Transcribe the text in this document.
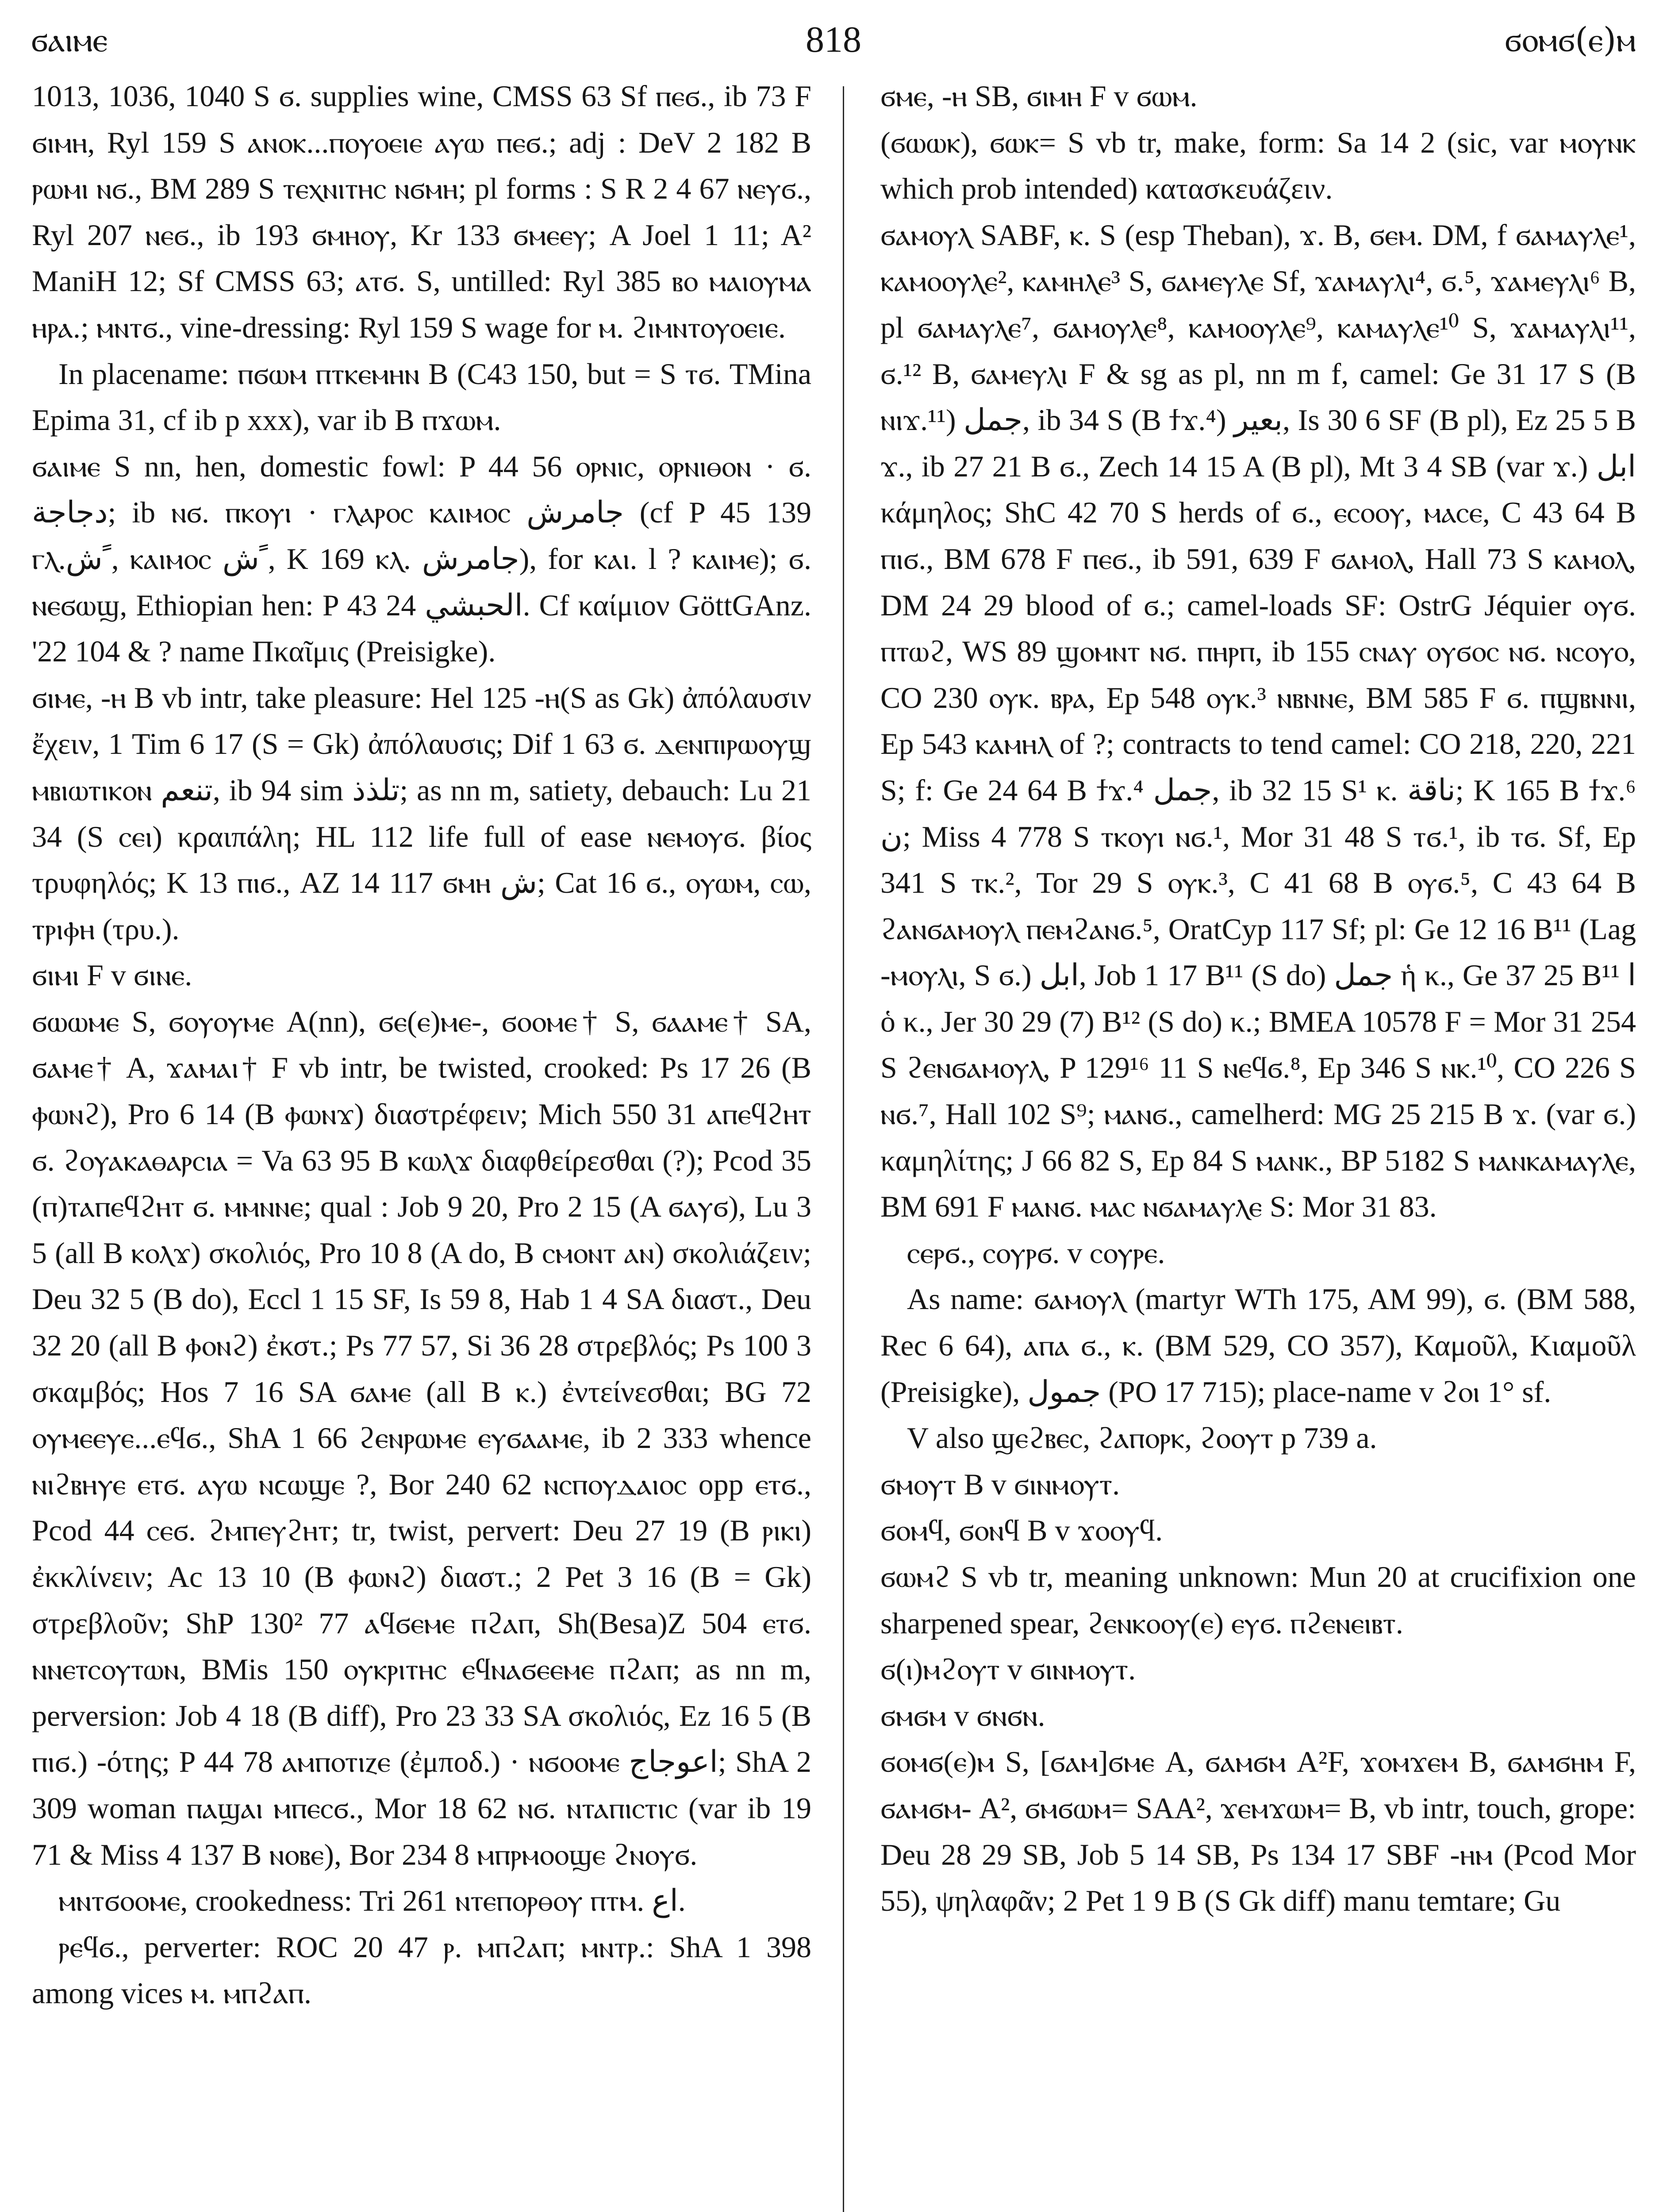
ϭⲁⲓⲙⲉ	818	ϭⲟⲙϭ(ⲉ)ⲙ

1013, 1036, 1040 S ϭ. supplies wine, CMSS 63 Sf ⲡⲉϭ., ib 73 F ϭⲓⲙⲏ, Ryl 159 S ⲁⲛⲟⲕ...ⲡⲟⲩⲟⲉⲓⲉ ⲁⲩⲱ ⲡⲉϭ.; adj : DeV 2 182 B ⲣⲱⲙⲓ ⲛϭ., BM 289 S ⲧⲉⲭⲛⲓⲧⲏⲥ ⲛϭⲙⲏ; pl forms : S R 2 4 67 ⲛⲉⲩϭ., Ryl 207 ⲛⲉϭ., ib 193 ϭⲙⲏⲟⲩ, Kr 133 ϭⲙⲉⲉⲩ; A Joel 1 11; A² ManiH 12; Sf CMSS 63; ⲁⲧϭ. S, untilled: Ryl 385 ⲃⲟ ⲙⲁⲓⲟⲩⲙⲁ ⲏⲣⲁ.; ⲙⲛⲧϭ., vine-dressing: Ryl 159 S wage for ⲙ. ϩⲓⲙⲛⲧⲟⲩⲟⲉⲓⲉ.

In placename: ⲡϭⲱⲙ ⲡⲧⲕⲉⲙⲏⲛ B (C43 150, but = S ⲧϭ. TMina Epima 31, cf ib p xxx), var ib B ⲡϫⲱⲙ.

ϭⲁⲓⲙⲉ S nn, hen, domestic fowl: P 44 56 ⲟⲣⲛⲓⲥ, ⲟⲣⲛⲓⲑⲟⲛ · ϭ. دجاجة; ib ⲛϭ. ⲡⲕⲟⲩⲓ · ⲅⲗⲁⲣⲟⲥ ⲕⲁⲓⲙⲟⲥ جامرش (cf P 45 139 ⲅⲗ.ﹰش, ⲕⲁⲓⲙⲟⲥ ﹰش, K 169 ⲕⲗ. جامرش), for ⲕⲁⲓ. l ? ⲕⲁⲓⲙⲉ); ϭ. ⲛⲉϭⲱϣ, Ethiopian hen: P 43 24 الحبشي. Cf καίμιον GöttGAnz. '22 104 & ? name Πκαῖμις (Preisigke).

ϭⲓⲙⲉ, -ⲏ B vb intr, take pleasure: Hel 125 -ⲏ(S as Gk) ἀπόλαυσιν ἔχειν, 1 Tim 6 17 (S = Gk) ἀπόλαυσις; Dif 1 63 ϭ. ⲇⲉⲛⲡⲓⲣⲱⲟⲩϣ ⲙⲃⲓⲱⲧⲓⲕⲟⲛ تنعم, ib 94 sim تلذذ; as nn m, satiety, debauch: Lu 21 34 (S ⲥⲉⲓ) κραιπάλη; HL 112 life full of ease ⲛⲉⲙⲟⲩϭ. βίος τρυφηλός; K 13 ⲡⲓϭ., AZ 14 117 ϭⲙⲏ ش; Cat 16 ϭ., ⲟⲩⲱⲙ, ⲥⲱ, ⲧⲣⲓⲫⲏ (τρυ.).

ϭⲓⲙⲓ F v ϭⲓⲛⲉ.

ϭⲱⲱⲙⲉ S, ϭⲟⲩⲟⲩⲙⲉ A(nn), ϭⲉ(ⲉ)ⲙⲉ-, ϭⲟⲟⲙⲉ† S, ϭⲁⲁⲙⲉ† SA, ϭⲁⲙⲉ† A, ϫⲁⲙⲁⲓ† F vb intr, be twisted, crooked: Ps 17 26 (B ⲫⲱⲛϩ), Pro 6 14 (B ⲫⲱⲛϫ) διαστρέφειν; Mich 550 31 ⲁⲡⲉϥϩⲏⲧ ϭ. ϩⲟⲩⲁⲕⲁⲑⲁⲣⲥⲓⲁ = Va 63 95 B ⲕⲱⲗϫ διαφθείρεσθαι (?); Pcod 35 (ⲡ)ⲧⲁⲡⲉϥϩⲏⲧ ϭ. ⲙⲙⲛⲛⲉ; qual : Job 9 20, Pro 2 15 (A ϭⲁⲩϭ), Lu 3 5 (all B ⲕⲟⲗϫ) σκολιός, Pro 10 8 (A do, B ⲥⲙⲟⲛⲧ ⲁⲛ) σκολιάζειν; Deu 32 5 (B do), Eccl 1 15 SF, Is 59 8, Hab 1 4 SA διαστ., Deu 32 20 (all B ⲫⲟⲛϩ) ἐκστ.; Ps 77 57, Si 36 28 στρεβλός; Ps 100 3 σκαμβός; Hos 7 16 SA ϭⲁⲙⲉ (all B ⲕ.) ἐντείνεσθαι; BG 72 ⲟⲩⲙⲉⲉⲩⲉ...ⲉϥϭ., ShA 1 66 ϩⲉⲛⲣⲱⲙⲉ ⲉⲩϭⲁⲁⲙⲉ, ib 2 333 whence ⲛⲓϩⲃⲏⲩⲉ ⲉⲧϭ. ⲁⲩⲱ ⲛϲⲱϣⲉ ?, Bor 240 62 ⲛⲥⲡⲟⲩⲇⲁⲓⲟⲥ opp ⲉⲧϭ., Pcod 44 ⲥⲉϭ. ϩⲙⲡⲉⲩϩⲏⲧ; tr, twist, pervert: Deu 27 19 (B ⲣⲓⲕⲓ) ἐκκλίνειν; Ac 13 10 (B ⲫⲱⲛϩ) διαστ.; 2 Pet 3 16 (B = Gk) στρεβλοῦν; ShP 130² 77 ⲁϥϭⲉⲙⲉ ⲡϩⲁⲡ, Sh(Besa)Z 504 ⲉⲧϭ. ⲛⲛⲉⲧⲥⲟⲩⲧⲱⲛ, BMis 150 ⲟⲩⲕⲣⲓⲧⲏⲥ ⲉϥⲛⲁϭⲉⲉⲙⲉ ⲡϩⲁⲡ; as nn m, perversion: Job 4 18 (B diff), Pro 23 33 SA σκολιός, Ez 16 5 (B ⲡⲓϭ.) -ότης; P 44 78 ⲁⲙⲡⲟⲧⲓⲍⲉ (ἐμποδ.) · ⲛϭⲟⲟⲙⲉ اعوجاج; ShA 2 309 woman ⲡⲁϣⲁⲓ ⲙⲡⲉⲥϭ., Mor 18 62 ⲛϭ. ⲛⲧⲁⲡⲓⲥⲧⲓⲥ (var ib 19 71 & Miss 4 137 B ⲛⲟⲃⲉ), Bor 234 8 ⲙⲡⲣⲙⲟⲟϣⲉ ϩⲛⲟⲩϭ.

ⲙⲛⲧϭⲟⲟⲙⲉ, crookedness: Tri 261 ⲛⲧⲉⲡⲟⲣⲑⲟⲩ ⲡⲧⲙ. اع.

ⲣⲉϥϭ., perverter: ROC 20 47 ⲣ. ⲙⲡϩⲁⲡ; ⲙⲛⲧⲣ.: ShA 1 398 among vices ⲙ. ⲙⲡϩⲁⲡ.

ϭⲙⲉ, -ⲏ SB, ϭⲓⲙⲏ F v ϭⲱⲙ.

(ϭⲱⲱⲕ), ϭⲱⲕ= S vb tr, make, form: Sa 14 2 (sic, var ⲙⲟⲩⲛⲕ which prob intended) κατασκευάζειν.

ϭⲁⲙⲟⲩⲗ SABF, ⲕ. S (esp Theban), ϫ. B, ϭⲉⲙ. DM, f ϭⲁⲙⲁⲩⲗⲉ¹, ⲕⲁⲙⲟⲟⲩⲗⲉ², ⲕⲁⲙⲏⲗⲉ³ S, ϭⲁⲙⲉⲩⲗⲉ Sf, ϫⲁⲙⲁⲩⲗⲓ⁴, ϭ.⁵, ϫⲁⲙⲉⲩⲗⲓ⁶ B, pl ϭⲁⲙⲁⲩⲗⲉ⁷, ϭⲁⲙⲟⲩⲗⲉ⁸, ⲕⲁⲙⲟⲟⲩⲗⲉ⁹, ⲕⲁⲙⲁⲩⲗⲉ¹⁰ S, ϫⲁⲙⲁⲩⲗⲓ¹¹, ϭ.¹² B, ϭⲁⲙⲉⲩⲗⲓ F & sg as pl, nn m f, camel: Ge 31 17 S (B ⲛⲓϫ.¹¹) جمل, ib 34 S (B ϯϫ.⁴) بعير, Is 30 6 SF (B pl), Ez 25 5 B ϫ., ib 27 21 B ϭ., Zech 14 15 A (B pl), Mt 3 4 SB (var ϫ.) ابل κάμηλος; ShC 42 70 S herds of ϭ., ⲉⲥⲟⲟⲩ, ⲙⲁⲥⲉ, C 43 64 B ⲡⲓϭ., BM 678 F ⲡⲉϭ., ib 591, 639 F ϭⲁⲙⲟⲗ, Hall 73 S ⲕⲁⲙⲟⲗ, DM 24 29 blood of ϭ.; camel-loads SF: OstrG Jéquier ⲟⲩϭ. ⲡⲧⲱϩ, WS 89 ϣⲟⲙⲛⲧ ⲛϭ. ⲡⲏⲣⲡ, ib 155 ⲥⲛⲁⲩ ⲟⲩϭⲟⲥ ⲛϭ. ⲛⲥⲟⲩⲟ, CO 230 ⲟⲩⲕ. ⲃⲣⲁ, Ep 548 ⲟⲩⲕ.³ ⲛⲃⲛⲛⲉ, BM 585 F ϭ. ⲡϣⲃⲛⲛⲓ, Ep 543 ⲕⲁⲙⲏⲗ of ?; contracts to tend camel: CO 218, 220, 221 S; f: Ge 24 64 B ϯϫ.⁴ جمل, ib 32 15 S¹ ⲕ. ناقة; K 165 B ϯϫ.⁶ ن; Miss 4 778 S ⲧⲕⲟⲩⲓ ⲛϭ.¹, Mor 31 48 S ⲧϭ.¹, ib ⲧϭ. Sf, Ep 341 S ⲧⲕ.², Tor 29 S ⲟⲩⲕ.³, C 41 68 B ⲟⲩϭ.⁵, C 43 64 B ϩⲁⲛϭⲁⲙⲟⲩⲗ ⲡⲉⲙϩⲁⲛϭ.⁵, OratCyp 117 Sf; pl: Ge 12 16 B¹¹ (Lag -ⲙⲟⲩⲗⲓ, S ϭ.) ابل, Job 1 17 B¹¹ (S do) جمل ἡ κ., Ge 37 25 B¹¹ ا ὁ κ., Jer 30 29 (7) B¹² (S do) κ.; BMEA 10578 F = Mor 31 254 S ϩⲉⲛϭⲁⲙⲟⲩⲗ, P 129¹⁶ 11 S ⲛⲉϥϭ.⁸, Ep 346 S ⲛⲕ.¹⁰, CO 226 S ⲛϭ.⁷, Hall 102 S⁹; ⲙⲁⲛϭ., camelherd: MG 25 215 B ϫ. (var ϭ.) καμηλίτης; J 66 82 S, Ep 84 S ⲙⲁⲛⲕ., BP 5182 S ⲙⲁⲛⲕⲁⲙⲁⲩⲗⲉ, BM 691 F ⲙⲁⲛϭ. ⲙⲁⲥ ⲛϭⲁⲙⲁⲩⲗⲉ S: Mor 31 83.

ⲥⲉⲣϭ., ⲥⲟⲩⲣϭ. v ⲥⲟⲩⲣⲉ.

As name: ϭⲁⲙⲟⲩⲗ (martyr WTh 175, AM 99), ϭ. (BM 588, Rec 6 64), ⲁⲡⲁ ϭ., ⲕ. (BM 529, CO 357), Καμοῦλ, Κιαμοῦλ (Preisigke), جمول (PO 17 715); place-name v ϩⲟⲓ 1° sf.

V also ϣⲉϩⲃⲉⲥ, ϩⲁⲡⲟⲣⲕ, ϩⲟⲟⲩⲧ p 739 a.

ϭⲙⲟⲩⲧ B v ϭⲓⲛⲙⲟⲩⲧ.

ϭⲟⲙϥ, ϭⲟⲛϥ B v ϫⲟⲟⲩϥ.

ϭⲱⲙϩ S vb tr, meaning unknown: Mun 20 at crucifixion one sharpened spear, ϩⲉⲛⲕⲟⲟⲩ(ⲉ) ⲉⲩϭ. ⲡϩⲉⲛⲉⲓⲃⲧ.

ϭ(ⲓ)ⲙϩⲟⲩⲧ v ϭⲓⲛⲙⲟⲩⲧ.

ϭⲙϭⲙ v ϭⲛϭⲛ.

ϭⲟⲙϭ(ⲉ)ⲙ S, [ϭⲁⲙ]ϭⲙⲉ A, ϭⲁⲙϭⲙ A²F, ϫⲟⲙϫⲉⲙ B, ϭⲁⲙϭⲏⲙ F, ϭⲁⲙϭⲙ- A², ϭⲙϭⲱⲙ= SAA², ϫⲉⲙϫⲱⲙ= B, vb intr, touch, grope: Deu 28 29 SB, Job 5 14 SB, Ps 134 17 SBF -ⲏⲙ (Pcod Mor 55), ψηλαφᾶν; 2 Pet 1 9 B (S Gk diff) manu temtare; Gu
